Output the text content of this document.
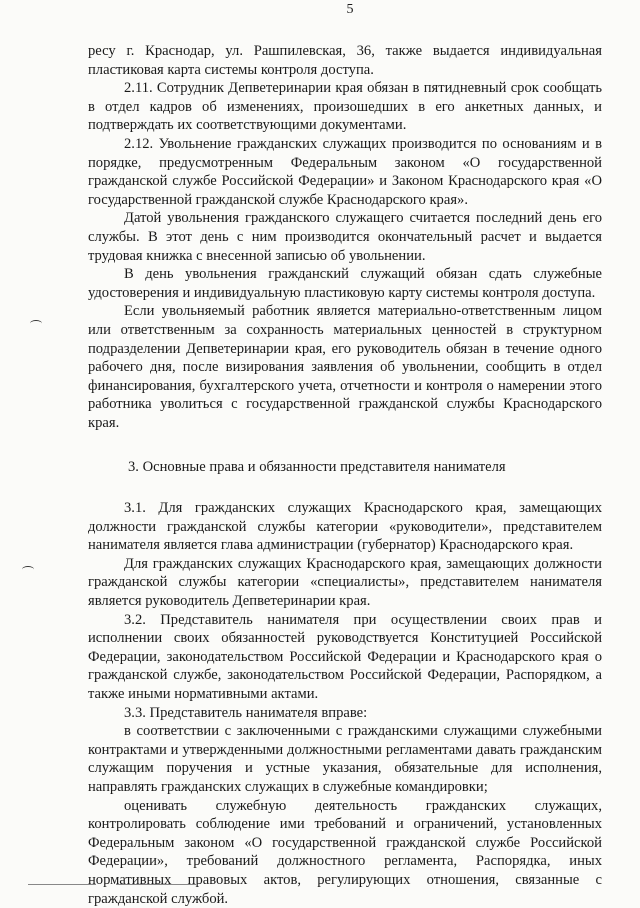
5

ресу г. Краснодар, ул. Рашпилевская, 36, также выдается индивидуальная пластиковая карта системы контроля доступа.

2.11. Сотрудник Депветеринарии края обязан в пятидневный срок сообщать в отдел кадров об изменениях, произошедших в его анкетных данных, и подтверждать их соответствующими документами.

2.12. Увольнение гражданских служащих производится по основаниям и в порядке, предусмотренным Федеральным законом «О государственной гражданской службе Российской Федерации» и Законом Краснодарского края «О государственной гражданской службе Краснодарского края».

Датой увольнения гражданского служащего считается последний день его службы. В этот день с ним производится окончательный расчет и выдается трудовая книжка с внесенной записью об увольнении.

В день увольнения гражданский служащий обязан сдать служебные удостоверения и индивидуальную пластиковую карту системы контроля доступа.

Если увольняемый работник является материально-ответственным лицом или ответственным за сохранность материальных ценностей в структурном подразделении Депветеринарии края, его руководитель обязан в течение одного рабочего дня, после визирования заявления об увольнении, сообщить в отдел финансирования, бухгалтерского учета, отчетности и контроля о намерении этого работника уволиться с государственной гражданской службы Краснодарского края.

3. Основные права и обязанности представителя нанимателя

3.1. Для гражданских служащих Краснодарского края, замещающих должности гражданской службы категории «руководители», представителем нанимателя является глава администрации (губернатор) Краснодарского края.

Для гражданских служащих Краснодарского края, замещающих должности гражданской службы категории «специалисты», представителем нанимателя является руководитель Депветеринарии края.

3.2. Представитель нанимателя при осуществлении своих прав и исполнении своих обязанностей руководствуется Конституцией Российской Федерации, законодательством Российской Федерации и Краснодарского края о гражданской службе, законодательством Российской Федерации, Распорядком, а также иными нормативными актами.

3.3. Представитель нанимателя вправе:

в соответствии с заключенными с гражданскими служащими служебными контрактами и утвержденными должностными регламентами давать гражданским служащим поручения и устные указания, обязательные для исполнения, направлять гражданских служащих в служебные командировки;

оценивать служебную деятельность гражданских служащих, контролировать соблюдение ими требований и ограничений, установленных Федеральным законом «О государственной гражданской службе Российской Федерации», требований должностного регламента, Распорядка, иных нормативных правовых актов, регулирующих отношения, связанные с гражданской службой.
